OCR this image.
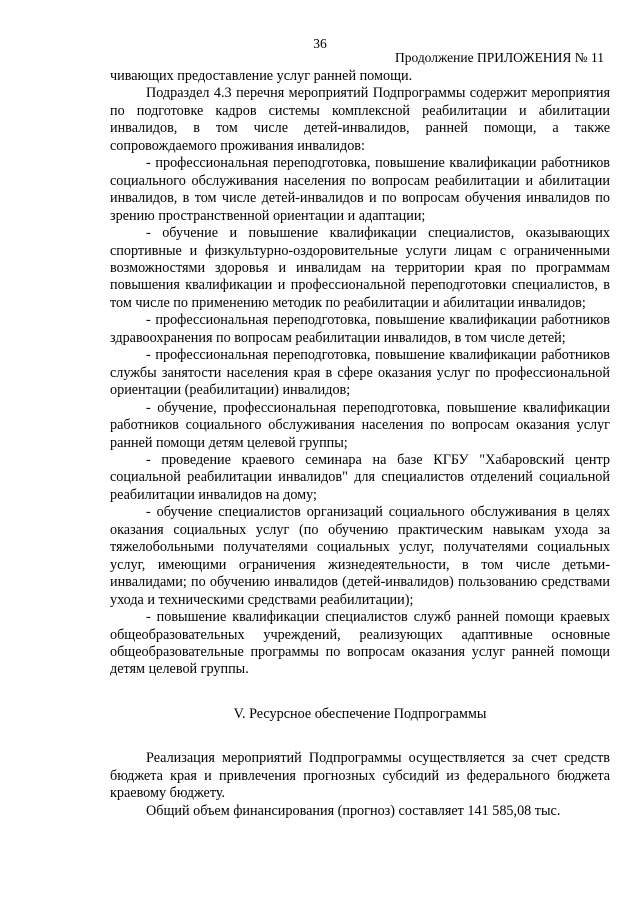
36
Продолжение ПРИЛОЖЕНИЯ № 11

чивающих предоставление услуг ранней помощи.

Подраздел 4.3 перечня мероприятий Подпрограммы содержит мероприятия по подготовке кадров системы комплексной реабилитации и абилитации инвалидов, в том числе детей-инвалидов, ранней помощи, а также сопровождаемого проживания инвалидов:

- профессиональная переподготовка, повышение квалификации работников социального обслуживания населения по вопросам реабилитации и абилитации инвалидов, в том числе детей-инвалидов и по вопросам обучения инвалидов по зрению пространственной ориентации и адаптации;

- обучение и повышение квалификации специалистов, оказывающих спортивные и физкультурно-оздоровительные услуги лицам с ограниченными возможностями здоровья и инвалидам на территории края по программам повышения квалификации и профессиональной переподготовки специалистов, в том числе по применению методик по реабилитации и абилитации инвалидов;

- профессиональная переподготовка, повышение квалификации работников здравоохранения по вопросам реабилитации инвалидов, в том числе детей;

- профессиональная переподготовка, повышение квалификации работников службы занятости населения края в сфере оказания услуг по профессиональной ориентации (реабилитации) инвалидов;

- обучение, профессиональная переподготовка, повышение квалификации работников социального обслуживания населения по вопросам оказания услуг ранней помощи детям целевой группы;

- проведение краевого семинара на базе КГБУ "Хабаровский центр социальной реабилитации инвалидов" для специалистов отделений социальной реабилитации инвалидов на дому;

- обучение специалистов организаций социального обслуживания в целях оказания социальных услуг (по обучению практическим навыкам ухода за тяжелобольными получателями социальных услуг, получателями социальных услуг, имеющими ограничения жизнедеятельности, в том числе детьми-инвалидами; по обучению инвалидов (детей-инвалидов) пользованию средствами ухода и техническими средствами реабилитации);

- повышение квалификации специалистов служб ранней помощи краевых общеобразовательных учреждений, реализующих адаптивные основные общеобразовательные программы по вопросам оказания услуг ранней помощи детям целевой группы.

V. Ресурсное обеспечение Подпрограммы

Реализация мероприятий Подпрограммы осуществляется за счет средств бюджета края и привлечения прогнозных субсидий из федерального бюджета краевому бюджету.

Общий объем финансирования (прогноз) составляет 141 585,08 тыс.
